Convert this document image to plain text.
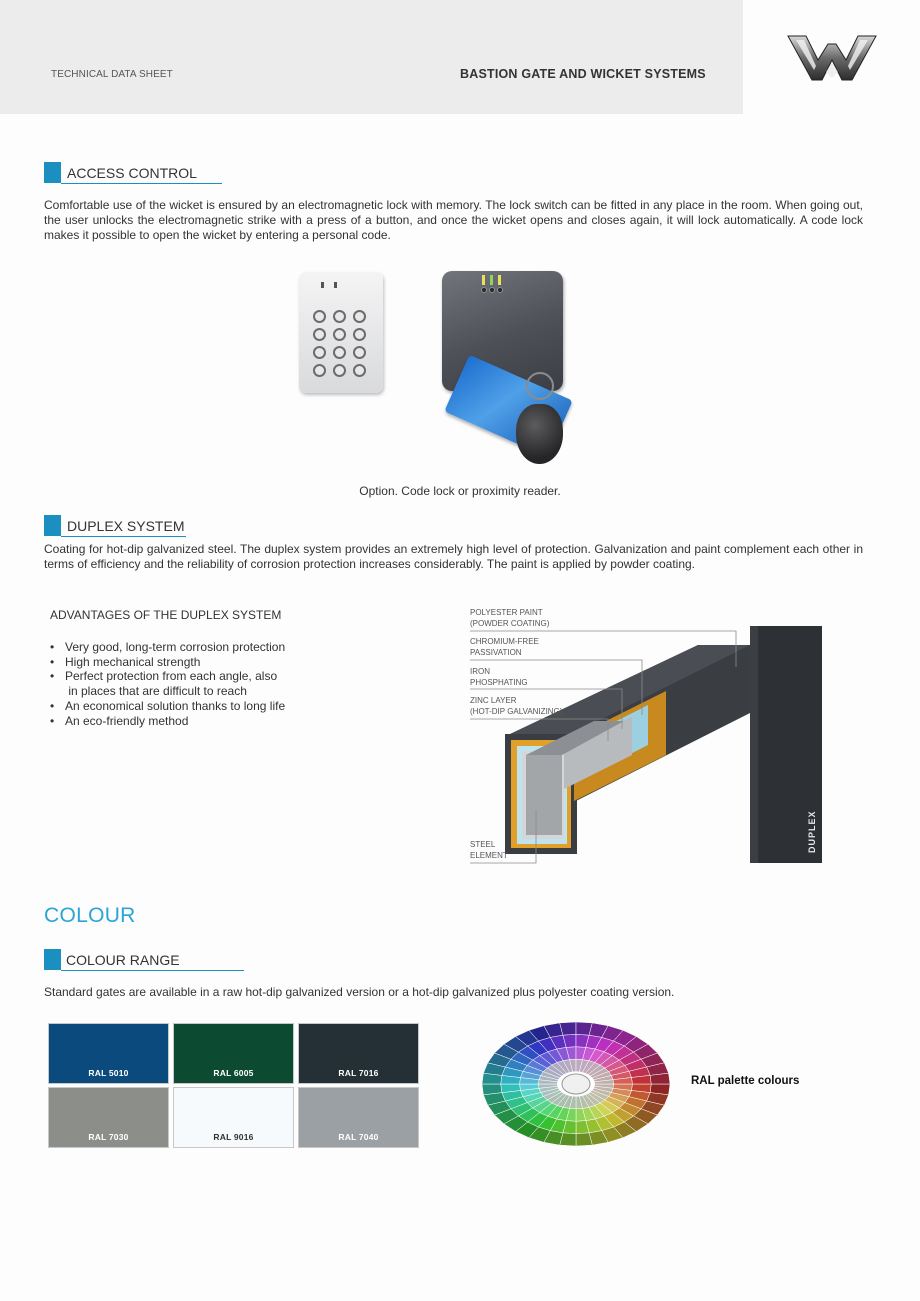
TECHNICAL DATA SHEET	BASTION GATE AND WICKET SYSTEMS
ACCESS CONTROL
Comfortable use of the wicket is ensured by an electromagnetic lock with memory. The lock switch can be fitted in any place in the room. When going out, the user unlocks the electromagnetic strike with a press of a button, and once the wicket opens and closes again, it will lock automatically. A code lock makes it possible to open the wicket by entering a personal code.
Option. Code lock or proximity reader.
DUPLEX SYSTEM
Coating for hot-dip galvanized steel. The duplex system provides an extremely high level of protection. Galvanization and paint complement each other in terms of efficiency and the reliability of corrosion protection increases considerably. The paint is applied by powder coating.
ADVANTAGES OF THE DUPLEX SYSTEM
• Very good, long-term corrosion protection
• High mechanical strength
• Perfect protection from each angle, also
in places that are difficult to reach
• An economical solution thanks to long life
• An eco-friendly method
DUPLEX
POLYESTER PAINT
(POWDER COATING)
CHROMIUM-FREE
PASSIVATION
IRON
PHOSPHATING
ZINC LAYER
(HOT-DIP GALVANIZING)
STEEL
ELEMENT
COLOUR
COLOUR RANGE
Standard gates are available in a raw hot-dip galvanized version or a hot-dip galvanized plus polyester coating version.
RAL 5010	RAL 6005	RAL 7016
RAL 7030	RAL 9016	RAL 7040
RAL palette colours
